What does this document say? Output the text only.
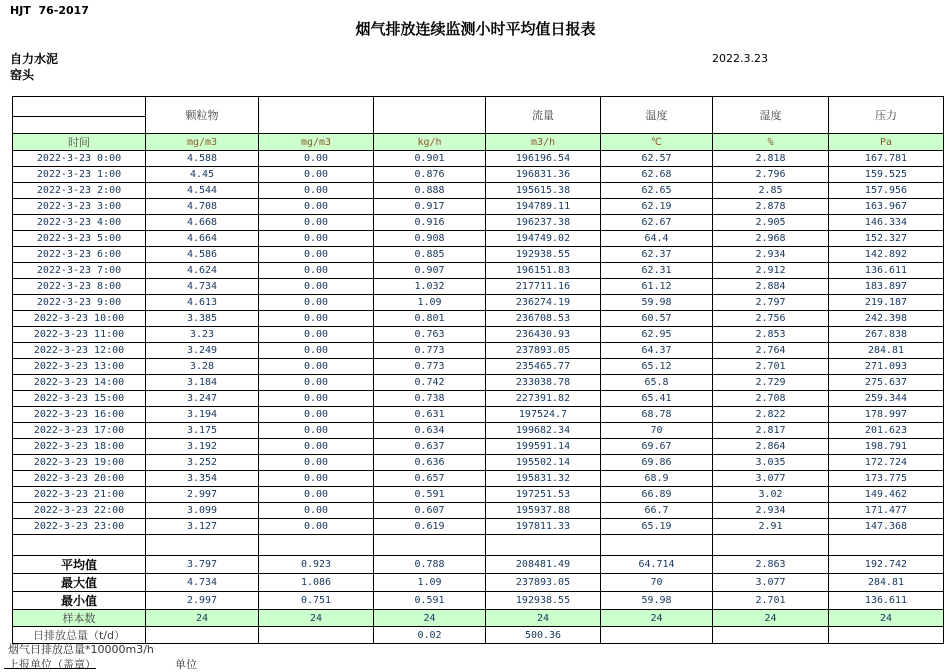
HJT  76-2017
烟气排放连续监测小时平均值日报表
自力水泥
窑头
2022.3.23
	颗粒物			流量	温度	湿度	压力

时间	mg/m3	mg/m3	kg/h	m3/h	℃	%	Pa
2022-3-23 0:00	4.588	0.00	0.901	196196.54	62.57	2.818	167.781
2022-3-23 1:00	4.45	0.00	0.876	196831.36	62.68	2.796	159.525
2022-3-23 2:00	4.544	0.00	0.888	195615.38	62.65	2.85	157.956
2022-3-23 3:00	4.708	0.00	0.917	194789.11	62.19	2.878	163.967
2022-3-23 4:00	4.668	0.00	0.916	196237.38	62.67	2.905	146.334
2022-3-23 5:00	4.664	0.00	0.908	194749.02	64.4	2.968	152.327
2022-3-23 6:00	4.586	0.00	0.885	192938.55	62.37	2.934	142.892
2022-3-23 7:00	4.624	0.00	0.907	196151.83	62.31	2.912	136.611
2022-3-23 8:00	4.734	0.00	1.032	217711.16	61.12	2.884	183.897
2022-3-23 9:00	4.613	0.00	1.09	236274.19	59.98	2.797	219.187
2022-3-23 10:00	3.385	0.00	0.801	236708.53	60.57	2.756	242.398
2022-3-23 11:00	3.23	0.00	0.763	236430.93	62.95	2.853	267.838
2022-3-23 12:00	3.249	0.00	0.773	237893.05	64.37	2.764	284.81
2022-3-23 13:00	3.28	0.00	0.773	235465.77	65.12	2.701	271.093
2022-3-23 14:00	3.184	0.00	0.742	233038.78	65.8	2.729	275.637
2022-3-23 15:00	3.247	0.00	0.738	227391.82	65.41	2.708	259.344
2022-3-23 16:00	3.194	0.00	0.631	197524.7	68.78	2.822	178.997
2022-3-23 17:00	3.175	0.00	0.634	199682.34	70	2.817	201.623
2022-3-23 18:00	3.192	0.00	0.637	199591.14	69.67	2.864	198.791
2022-3-23 19:00	3.252	0.00	0.636	195502.14	69.86	3.035	172.724
2022-3-23 20:00	3.354	0.00	0.657	195831.32	68.9	3.077	173.775
2022-3-23 21:00	2.997	0.00	0.591	197251.53	66.89	3.02	149.462
2022-3-23 22:00	3.099	0.00	0.607	195937.88	66.7	2.934	171.477
2022-3-23 23:00	3.127	0.00	0.619	197811.33	65.19	2.91	147.368

平均值	3.797	0.923	0.788	208481.49	64.714	2.863	192.742
最大值	4.734	1.086	1.09	237893.05	70	3.077	284.81
最小值	2.997	0.751	0.591	192938.55	59.98	2.701	136.611
样本数	24	24	24	24	24	24	24
日排放总量（t/d）			0.02	500.36			
烟气日排放总量*10000m3/h
上报单位（盖章）	单位
